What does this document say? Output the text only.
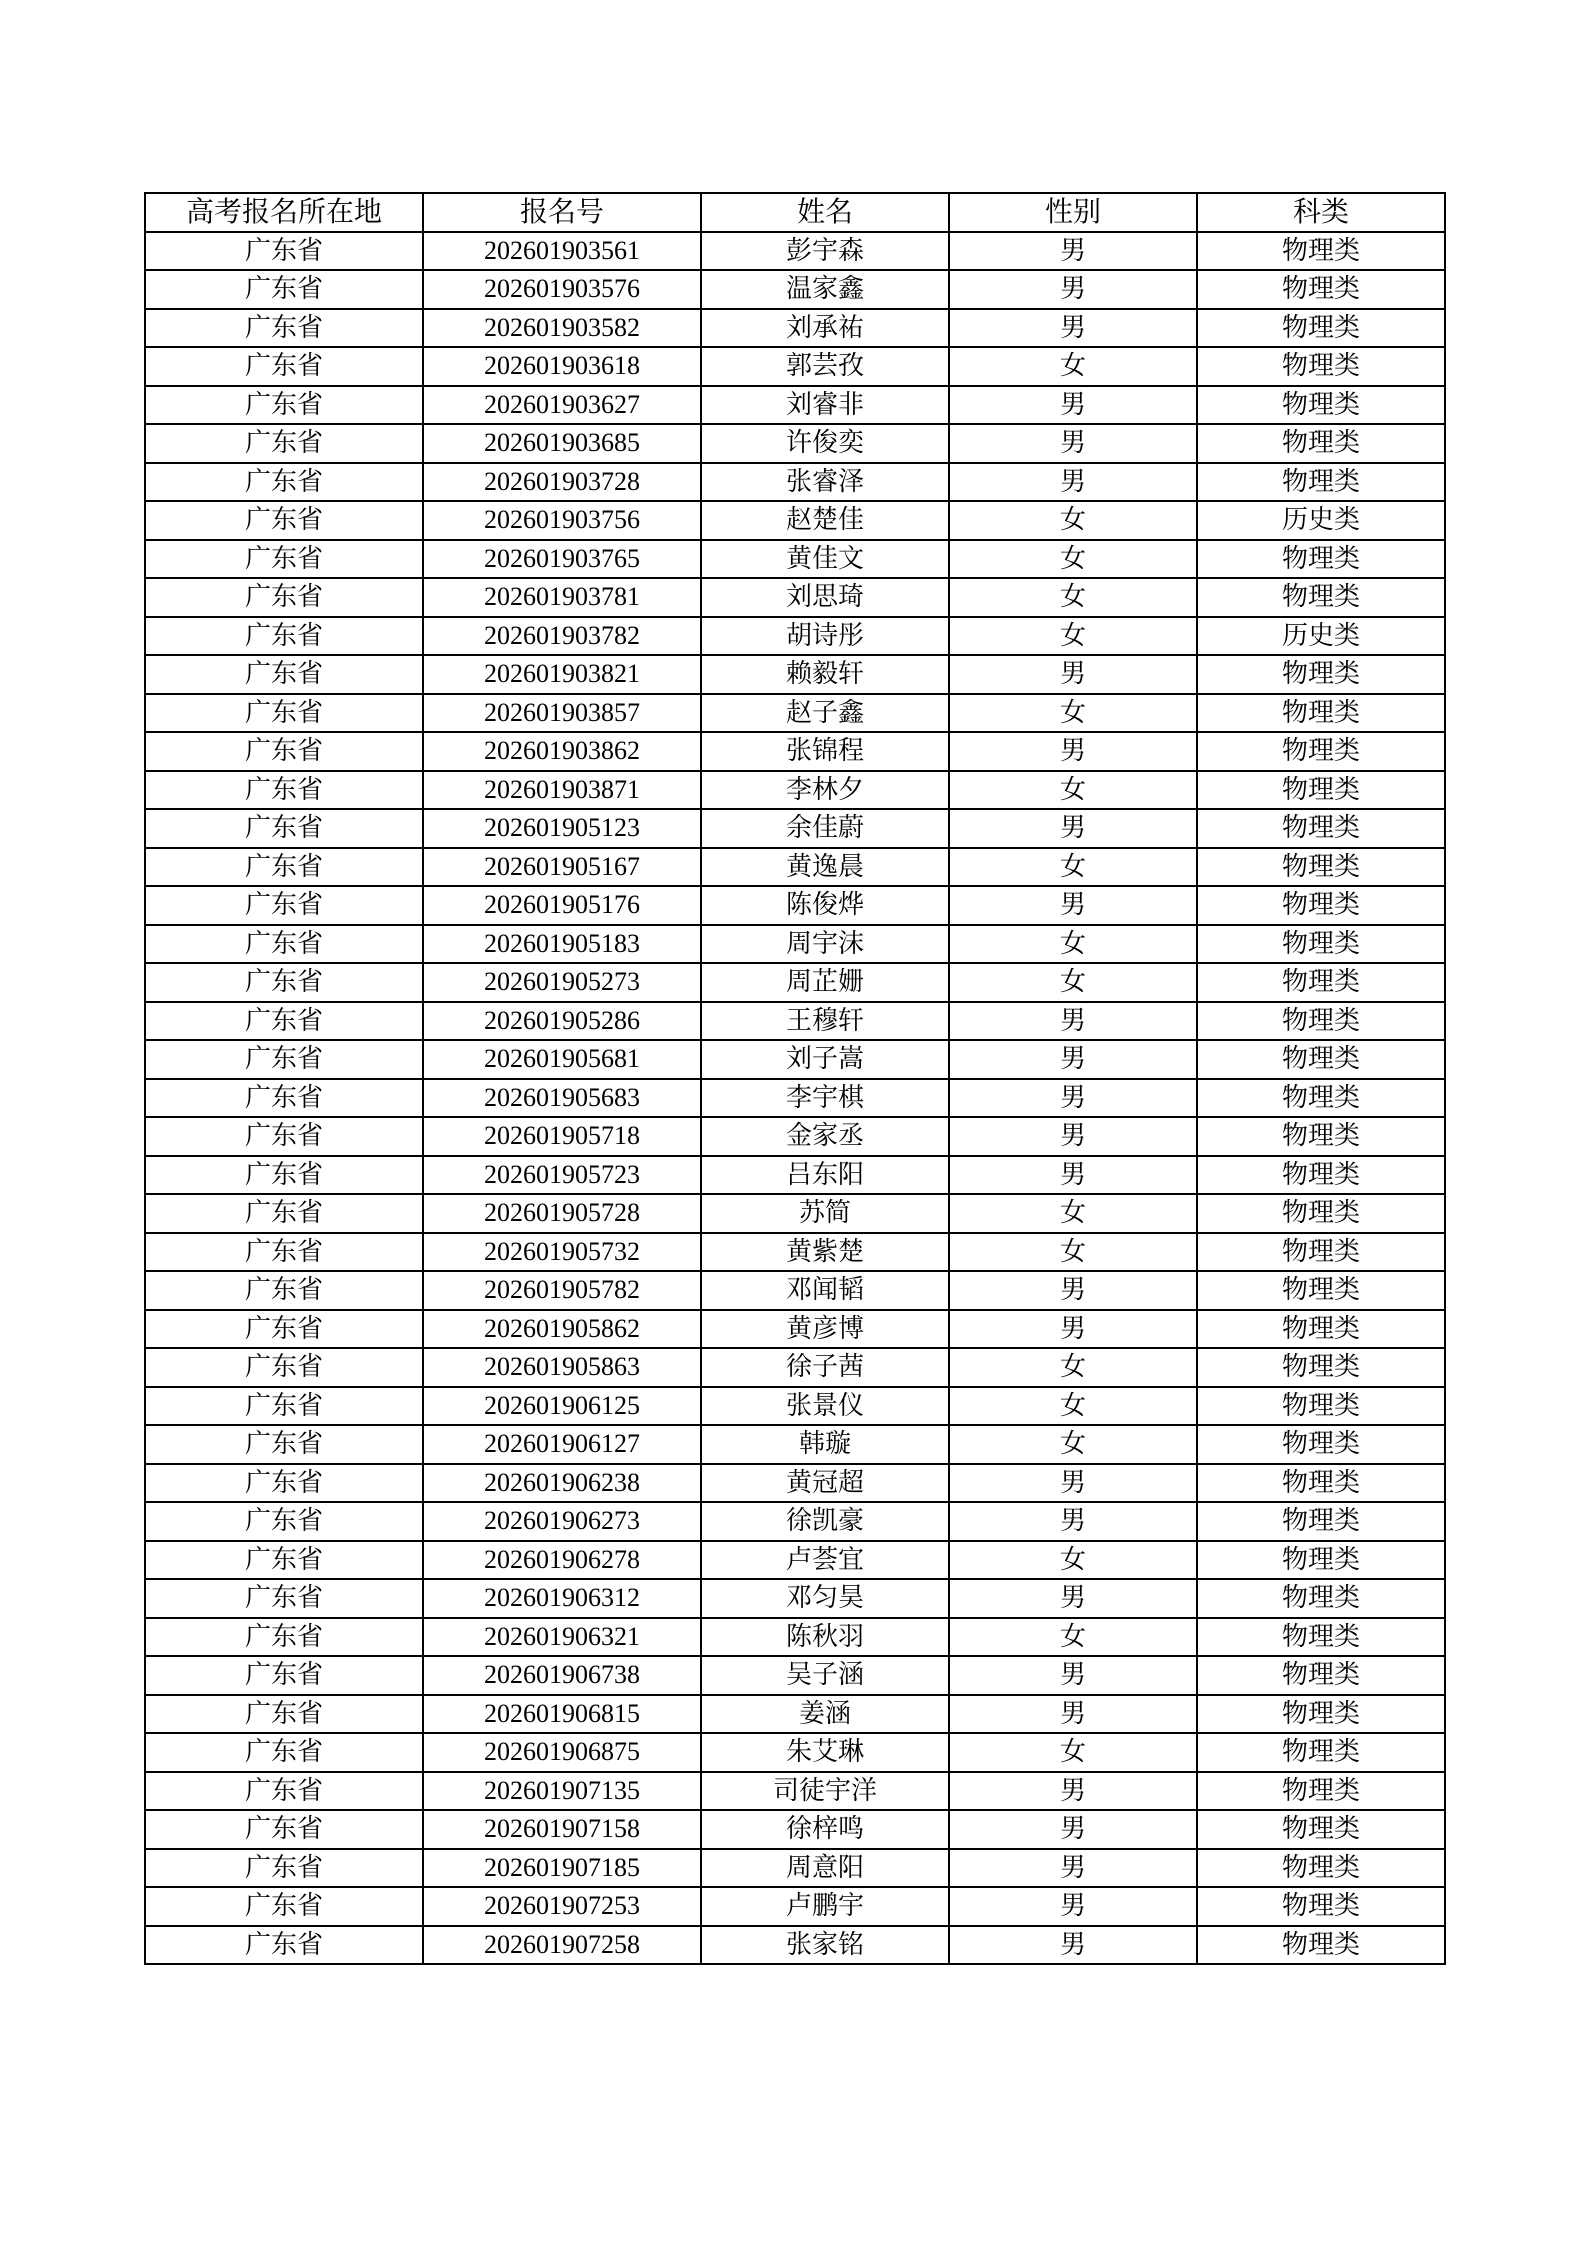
高考报名所在地	报名号	姓名	性别	科类
广东省	202601903561	彭宇森	男	物理类
广东省	202601903576	温家鑫	男	物理类
广东省	202601903582	刘承祐	男	物理类
广东省	202601903618	郭芸孜	女	物理类
广东省	202601903627	刘睿非	男	物理类
广东省	202601903685	许俊奕	男	物理类
广东省	202601903728	张睿泽	男	物理类
广东省	202601903756	赵楚佳	女	历史类
广东省	202601903765	黄佳文	女	物理类
广东省	202601903781	刘思琦	女	物理类
广东省	202601903782	胡诗彤	女	历史类
广东省	202601903821	赖毅轩	男	物理类
广东省	202601903857	赵子鑫	女	物理类
广东省	202601903862	张锦程	男	物理类
广东省	202601903871	李林夕	女	物理类
广东省	202601905123	余佳蔚	男	物理类
广东省	202601905167	黄逸晨	女	物理类
广东省	202601905176	陈俊烨	男	物理类
广东省	202601905183	周宇沫	女	物理类
广东省	202601905273	周芷姗	女	物理类
广东省	202601905286	王穆轩	男	物理类
广东省	202601905681	刘子嵩	男	物理类
广东省	202601905683	李宇棋	男	物理类
广东省	202601905718	金家丞	男	物理类
广东省	202601905723	吕东阳	男	物理类
广东省	202601905728	苏简	女	物理类
广东省	202601905732	黄紫楚	女	物理类
广东省	202601905782	邓闻韬	男	物理类
广东省	202601905862	黄彦博	男	物理类
广东省	202601905863	徐子茜	女	物理类
广东省	202601906125	张景仪	女	物理类
广东省	202601906127	韩璇	女	物理类
广东省	202601906238	黄冠超	男	物理类
广东省	202601906273	徐凯豪	男	物理类
广东省	202601906278	卢荟宜	女	物理类
广东省	202601906312	邓匀昊	男	物理类
广东省	202601906321	陈秋羽	女	物理类
广东省	202601906738	吴子涵	男	物理类
广东省	202601906815	姜涵	男	物理类
广东省	202601906875	朱艾琳	女	物理类
广东省	202601907135	司徒宇洋	男	物理类
广东省	202601907158	徐梓鸣	男	物理类
广东省	202601907185	周意阳	男	物理类
广东省	202601907253	卢鹏宇	男	物理类
广东省	202601907258	张家铭	男	物理类
